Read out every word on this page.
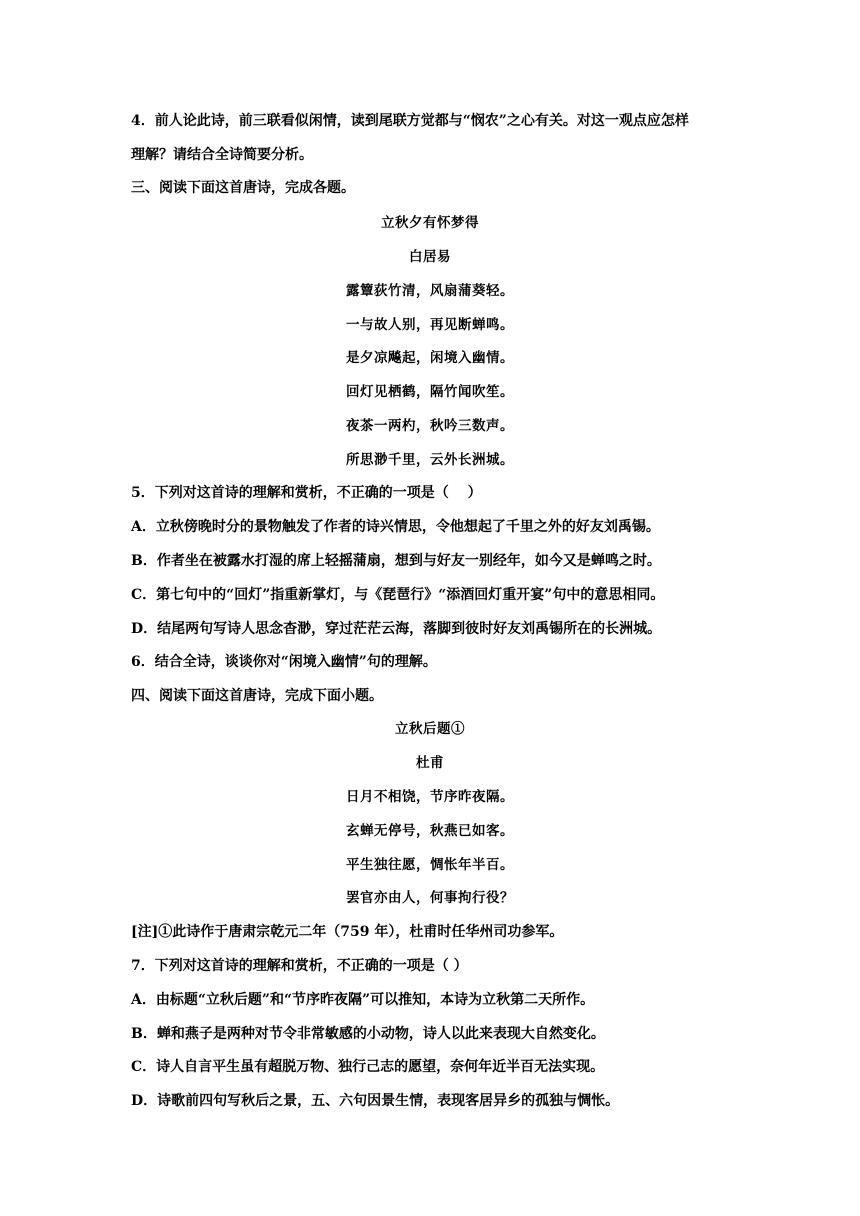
4．前人论此诗，前三联看似闲情，读到尾联方觉都与“悯农”之心有关。对这一观点应怎样
理解？请结合全诗简要分析。
三、阅读下面这首唐诗，完成各题。
立秋夕有怀梦得
白居易
露簟荻竹清，风扇蒲葵轻。
一与故人别，再见断蝉鸣。
是夕凉飚起，闲境入幽情。
回灯见栖鹤，隔竹闻吹笙。
夜茶一两杓，秋吟三数声。
所思渺千里，云外长洲城。
5．下列对这首诗的理解和赏析，不正确的一项是（　 ）
A．立秋傍晚时分的景物触发了作者的诗兴情思，令他想起了千里之外的好友刘禹锡。
B．作者坐在被露水打湿的席上轻摇蒲扇，想到与好友一别经年，如今又是蝉鸣之时。
C．第七句中的“回灯”指重新掌灯，与《琵琶行》“添酒回灯重开宴”句中的意思相同。
D．结尾两句写诗人思念杳渺，穿过茫茫云海，落脚到彼时好友刘禹锡所在的长洲城。
6．结合全诗，谈谈你对“闲境入幽情”句的理解。
四、阅读下面这首唐诗，完成下面小题。
立秋后题①
杜甫
日月不相饶，节序昨夜隔。
玄蝉无停号，秋燕已如客。
平生独往愿，惆怅年半百。
罢官亦由人，何事拘行役？
[注]①此诗作于唐肃宗乾元二年（759 年），杜甫时任华州司功参军。
7．下列对这首诗的理解和赏析，不正确的一项是（ ）
A．由标题“立秋后题”和“节序昨夜隔”可以推知，本诗为立秋第二天所作。
B．蝉和燕子是两种对节令非常敏感的小动物，诗人以此来表现大自然变化。
C．诗人自言平生虽有超脱万物、独行己志的愿望，奈何年近半百无法实现。
D．诗歌前四句写秋后之景，五、六句因景生情，表现客居异乡的孤独与惆怅。
